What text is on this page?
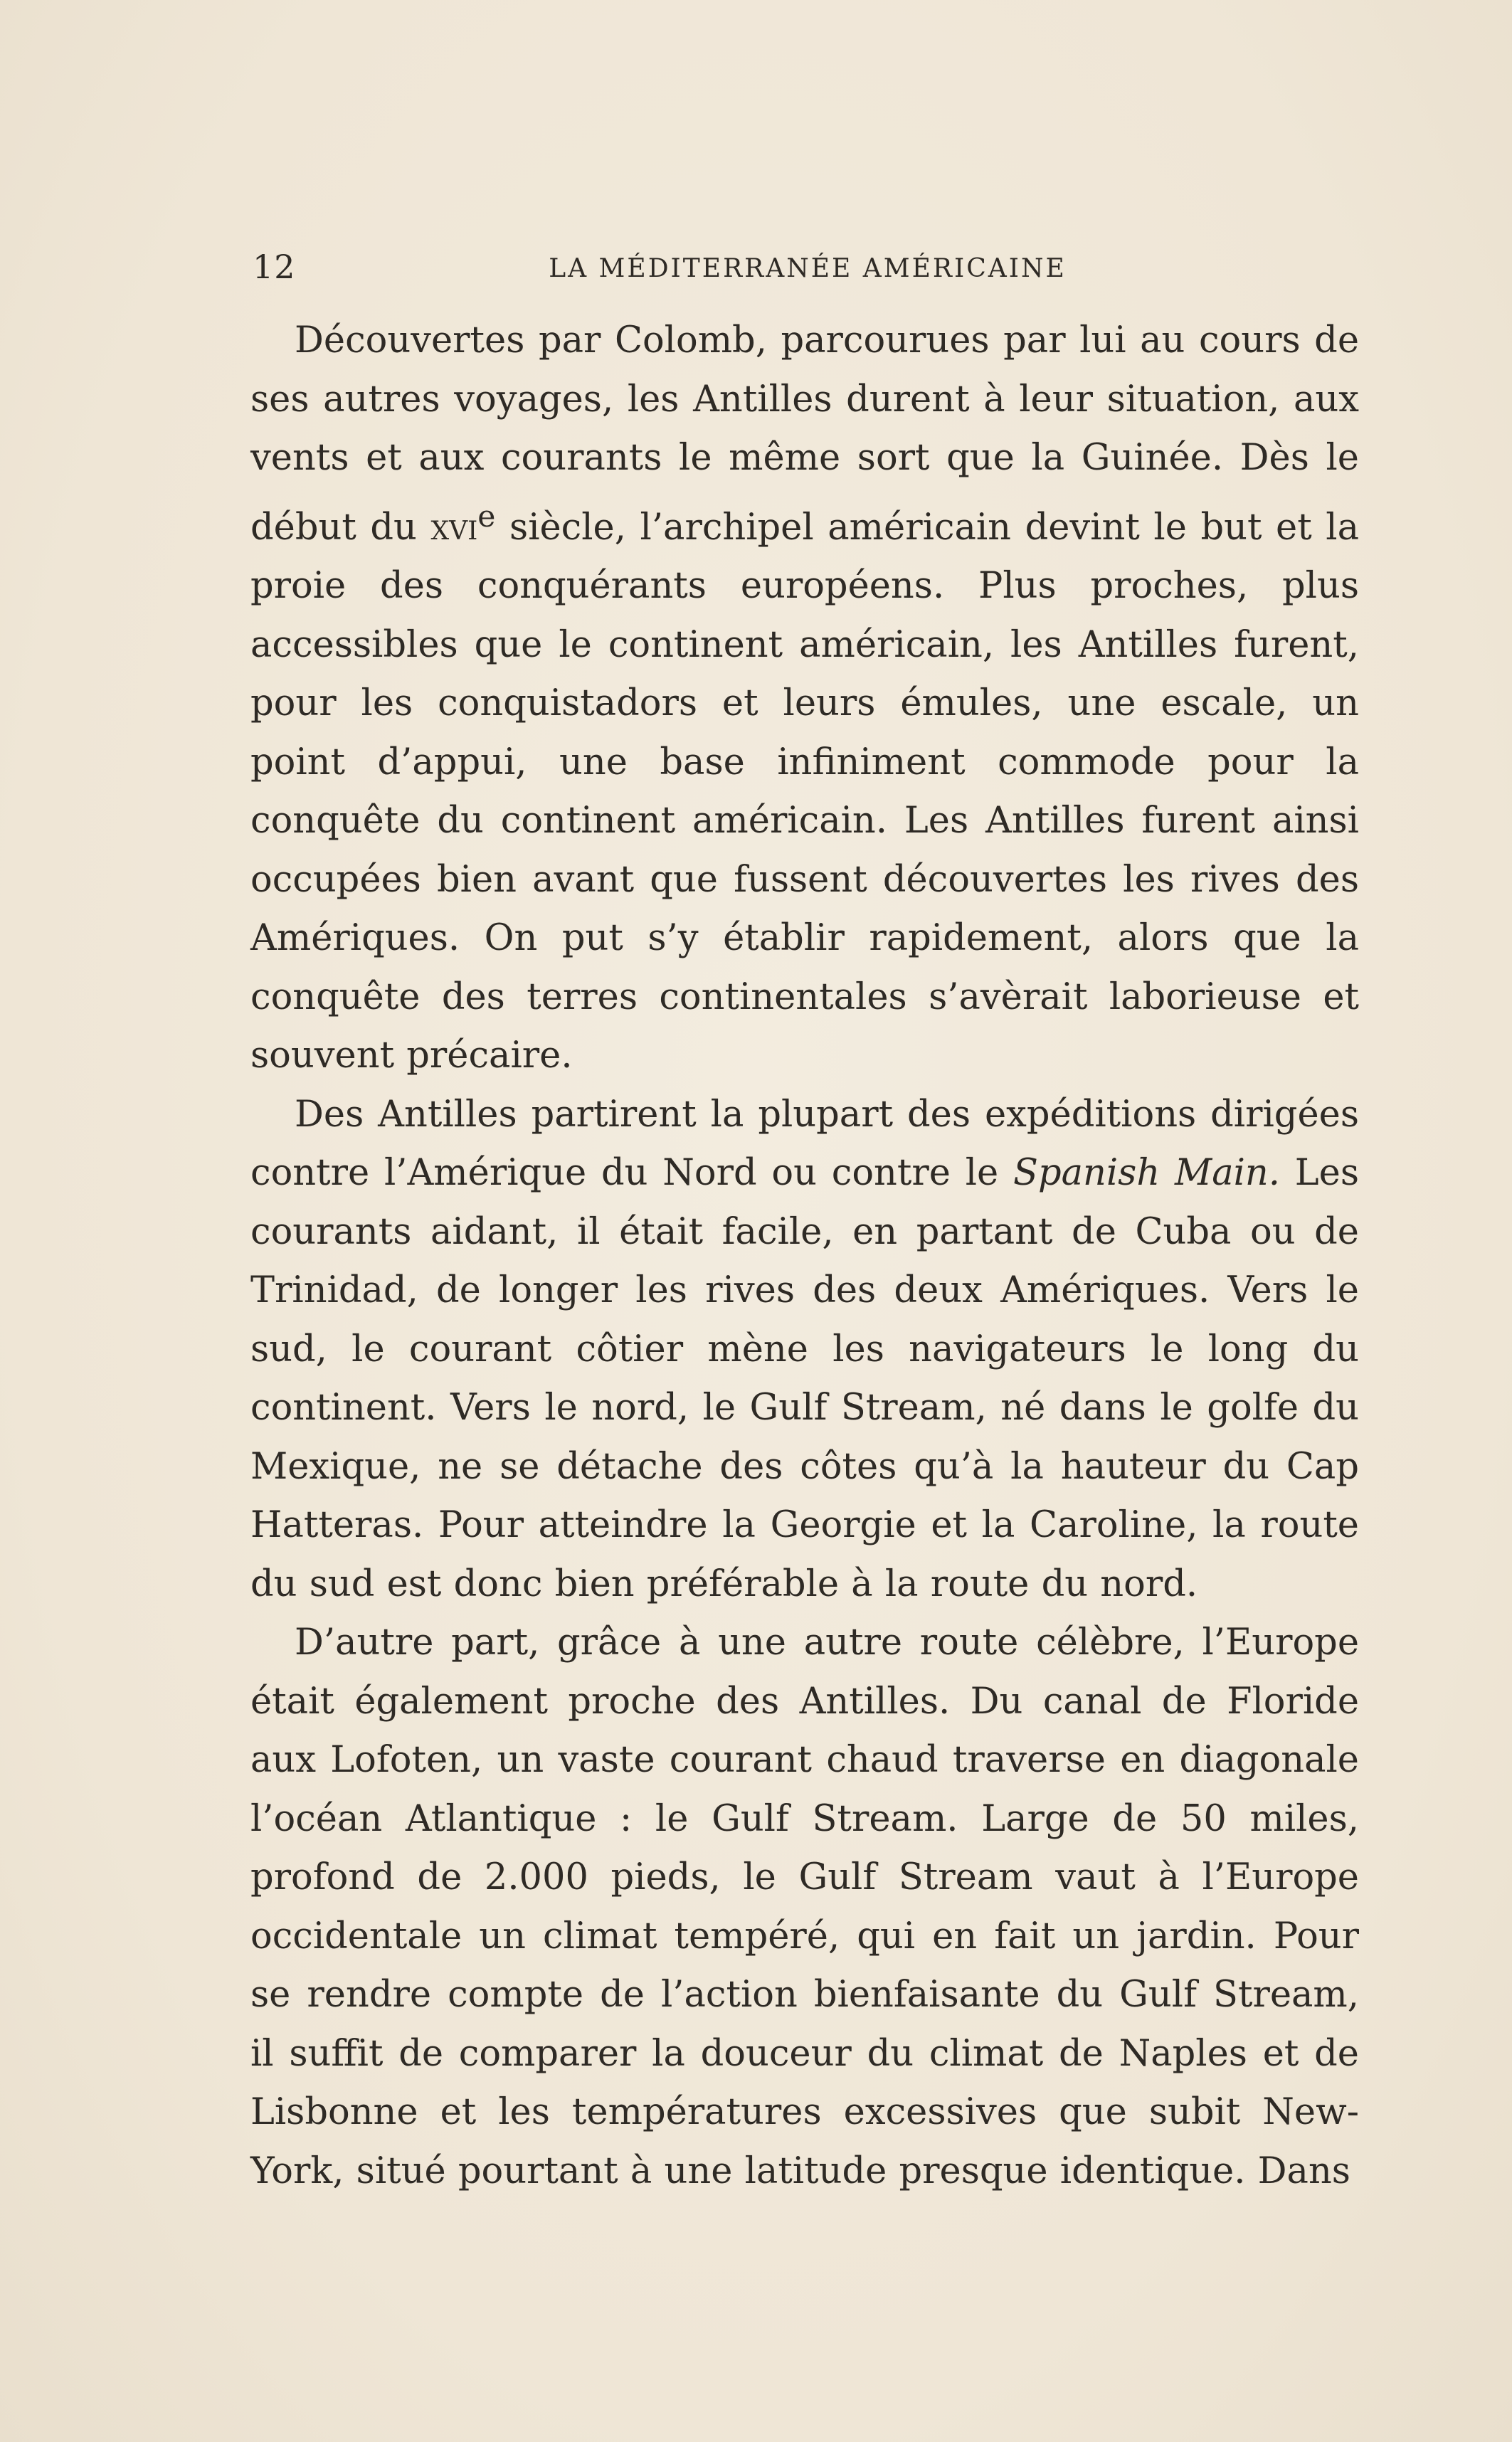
12	LA MÉDITERRANÉE AMÉRICAINE

Découvertes par Colomb, parcourues par lui au cours de ses autres voyages, les Antilles durent à leur situation, aux vents et aux courants le même sort que la Guinée. Dès le début du xvi$^e$ siècle, l’archipel américain devint le but et la proie des conquérants européens. Plus proches, plus accessibles que le continent américain, les Antilles furent, pour les conquistadors et leurs émules, une escale, un point d’appui, une base infiniment commode pour la conquête du continent américain. Les Antilles furent ainsi occupées bien avant que fussent découvertes les rives des Amériques. On put s’y établir rapidement, alors que la conquête des terres continentales s’avèrait laborieuse et souvent précaire.

Des Antilles partirent la plupart des expéditions dirigées contre l’Amérique du Nord ou contre le Spanish Main. Les courants aidant, il était facile, en partant de Cuba ou de Trinidad, de longer les rives des deux Amériques. Vers le sud, le courant côtier mène les navigateurs le long du continent. Vers le nord, le Gulf Stream, né dans le golfe du Mexique, ne se détache des côtes qu’à la hauteur du Cap Hatteras. Pour atteindre la Georgie et la Caroline, la route du sud est donc bien préférable à la route du nord.

D’autre part, grâce à une autre route célèbre, l’Europe était également proche des Antilles. Du canal de Floride aux Lofoten, un vaste courant chaud traverse en diagonale l’océan Atlantique : le Gulf Stream. Large de 50 miles, profond de 2.000 pieds, le Gulf Stream vaut à l’Europe occidentale un climat tempéré, qui en fait un jardin. Pour se rendre compte de l’action bienfaisante du Gulf Stream, il suffit de comparer la douceur du climat de Naples et de Lisbonne et les températures excessives que subit New-York, situé pourtant à une latitude presque identique. Dans
